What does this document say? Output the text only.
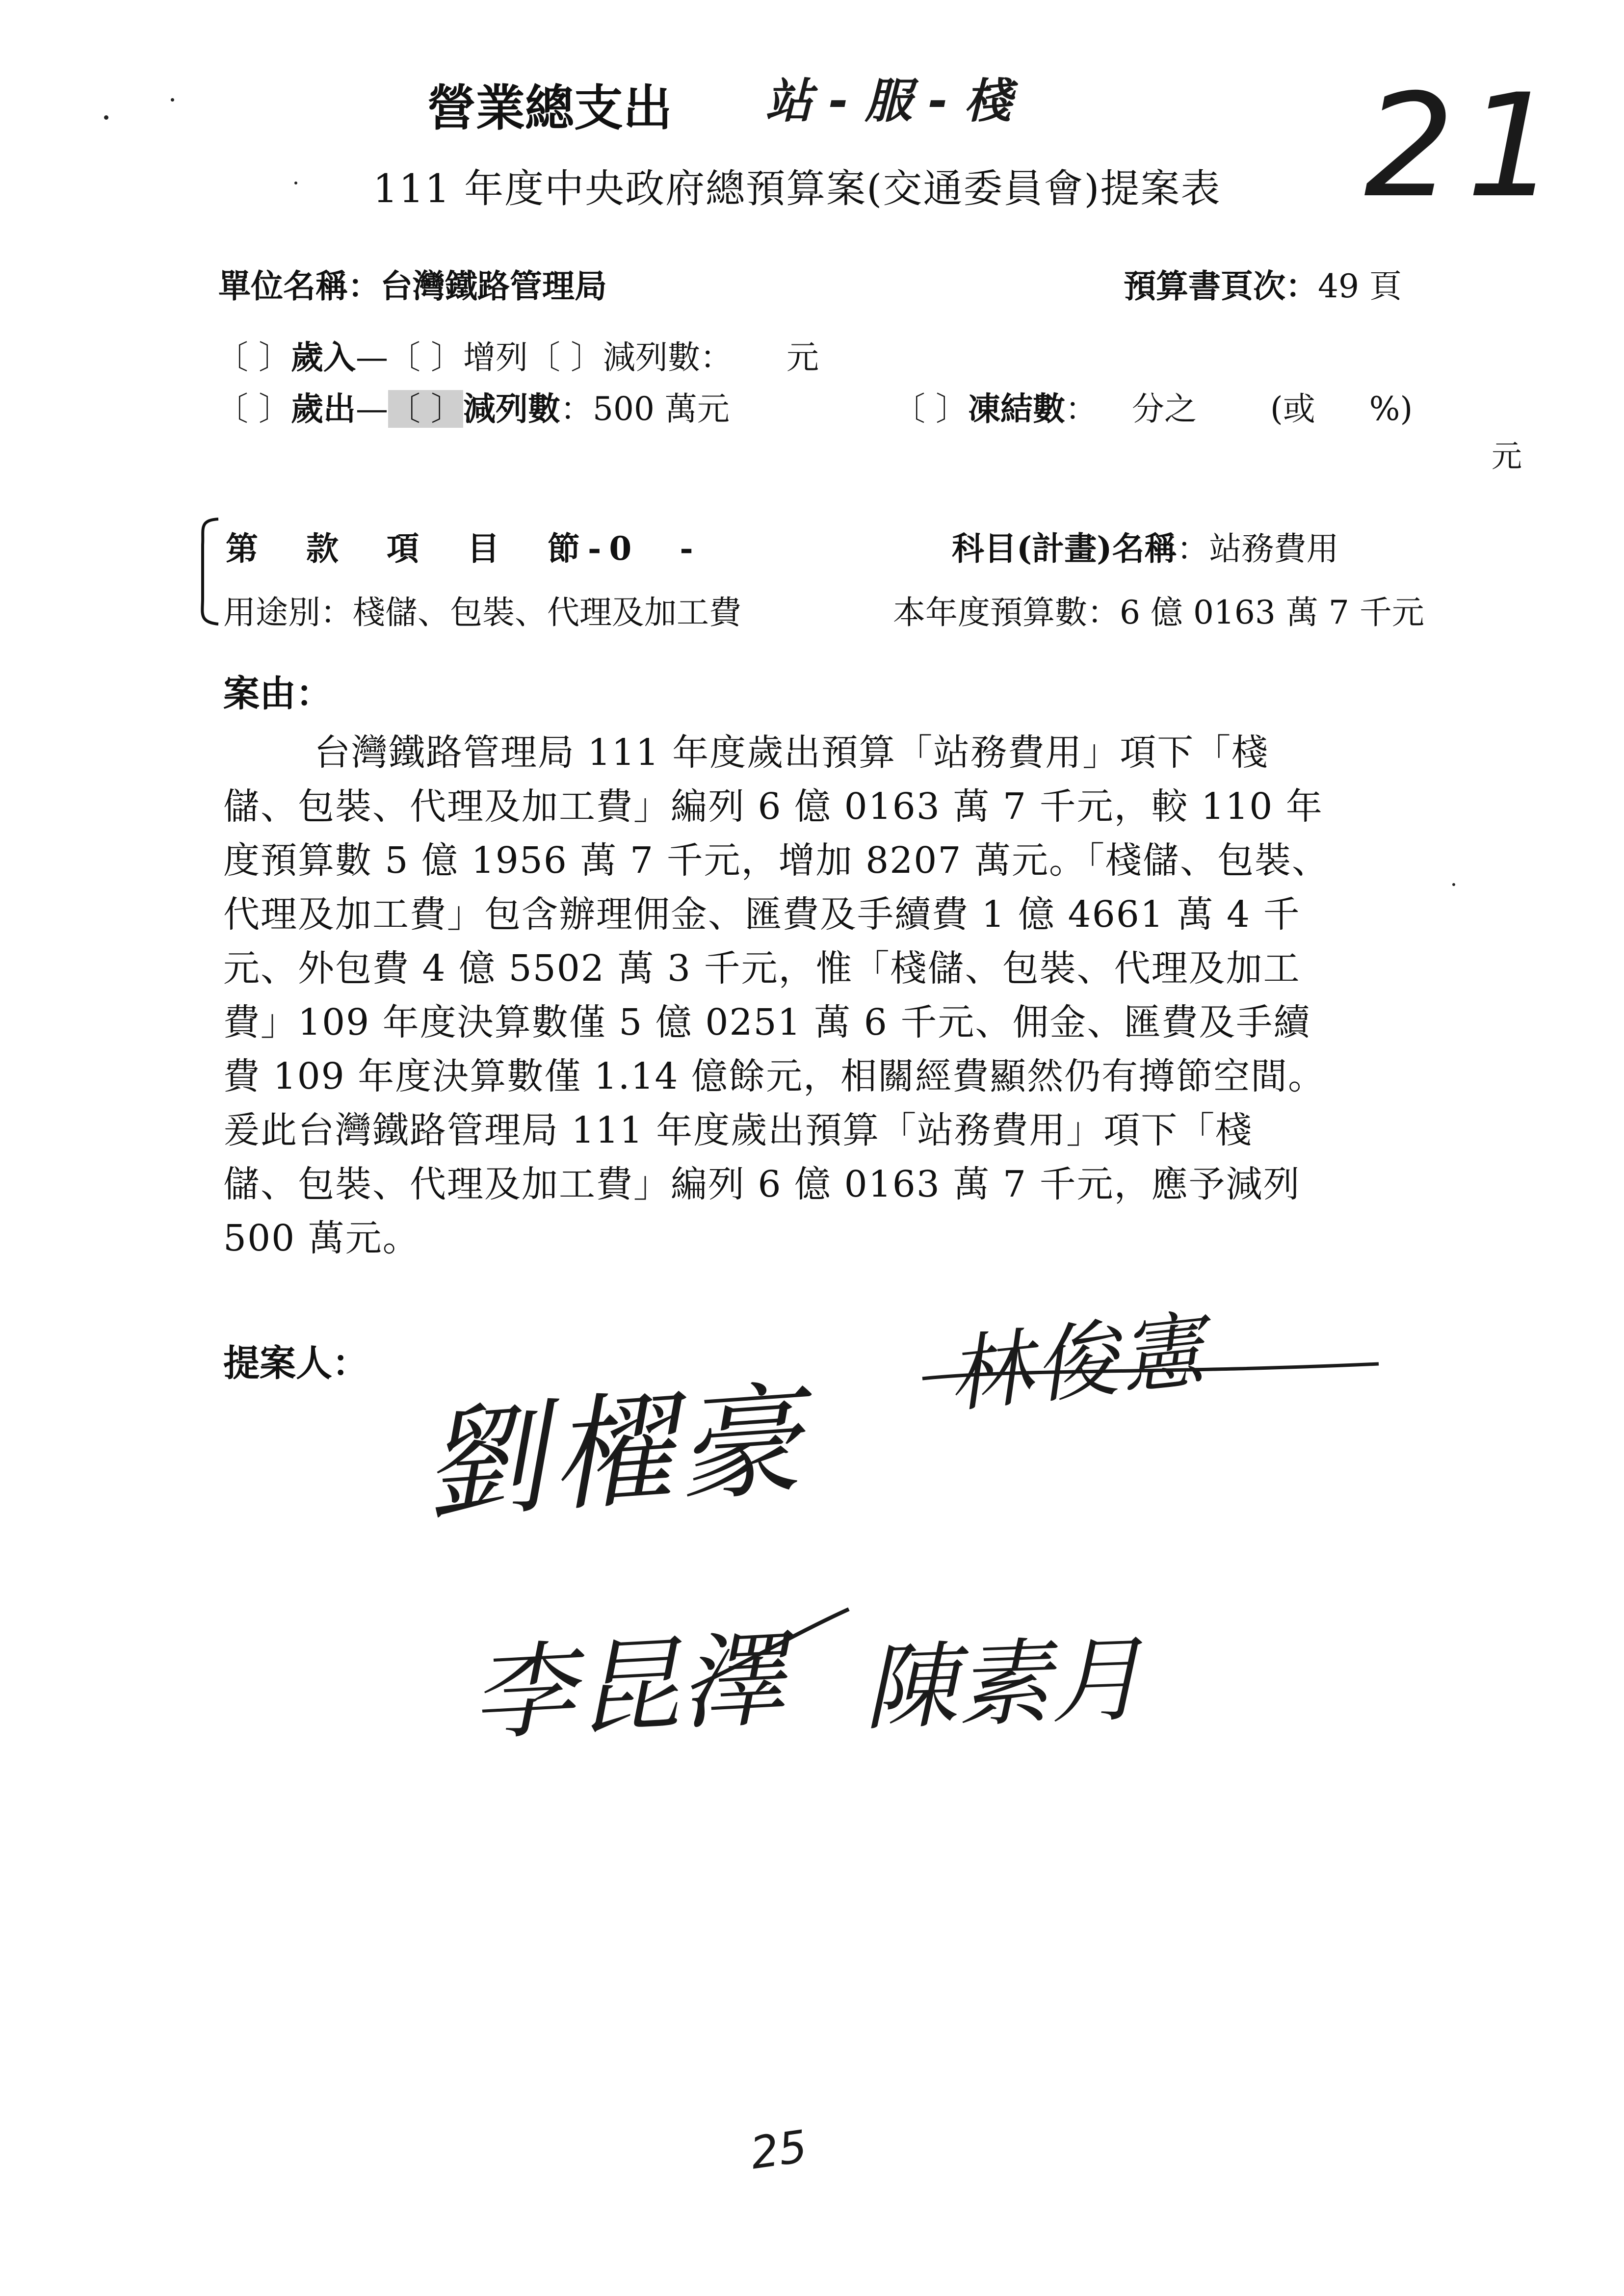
營業總支出 站 - 服 - 棧 21
111 年度中央政府總預算案(交通委員會)提案表
單位名稱：台灣鐵路管理局	預算書頁次：49 頁
〔 〕歲入—〔 〕增列〔 〕減列數： 元
〔 〕歲出—〔 〕減列數：500 萬元	〔 〕凍結數： 分之 (或 %)
元
第　款　項　目　節-0　-	科目(計畫)名稱：站務費用
用途別：棧儲、包裝、代理及加工費	本年度預算數：6 億 0163 萬 7 千元
案由：
台灣鐵路管理局 111 年度歲出預算「站務費用」項下「棧
儲、包裝、代理及加工費」編列 6 億 0163 萬 7 千元，較 110 年
度預算數 5 億 1956 萬 7 千元，增加 8207 萬元。「棧儲、包裝、
代理及加工費」包含辦理佣金、匯費及手續費 1 億 4661 萬 4 千
元、外包費 4 億 5502 萬 3 千元，惟「棧儲、包裝、代理及加工
費」109 年度決算數僅 5 億 0251 萬 6 千元、佣金、匯費及手續
費 109 年度決算數僅 1.14 億餘元，相關經費顯然仍有撙節空間。
爰此台灣鐵路管理局 111 年度歲出預算「站務費用」項下「棧
儲、包裝、代理及加工費」編列 6 億 0163 萬 7 千元，應予減列
500 萬元。
提案人：
劉櫂豪
林俊憲
李昆澤 陳素月
25
